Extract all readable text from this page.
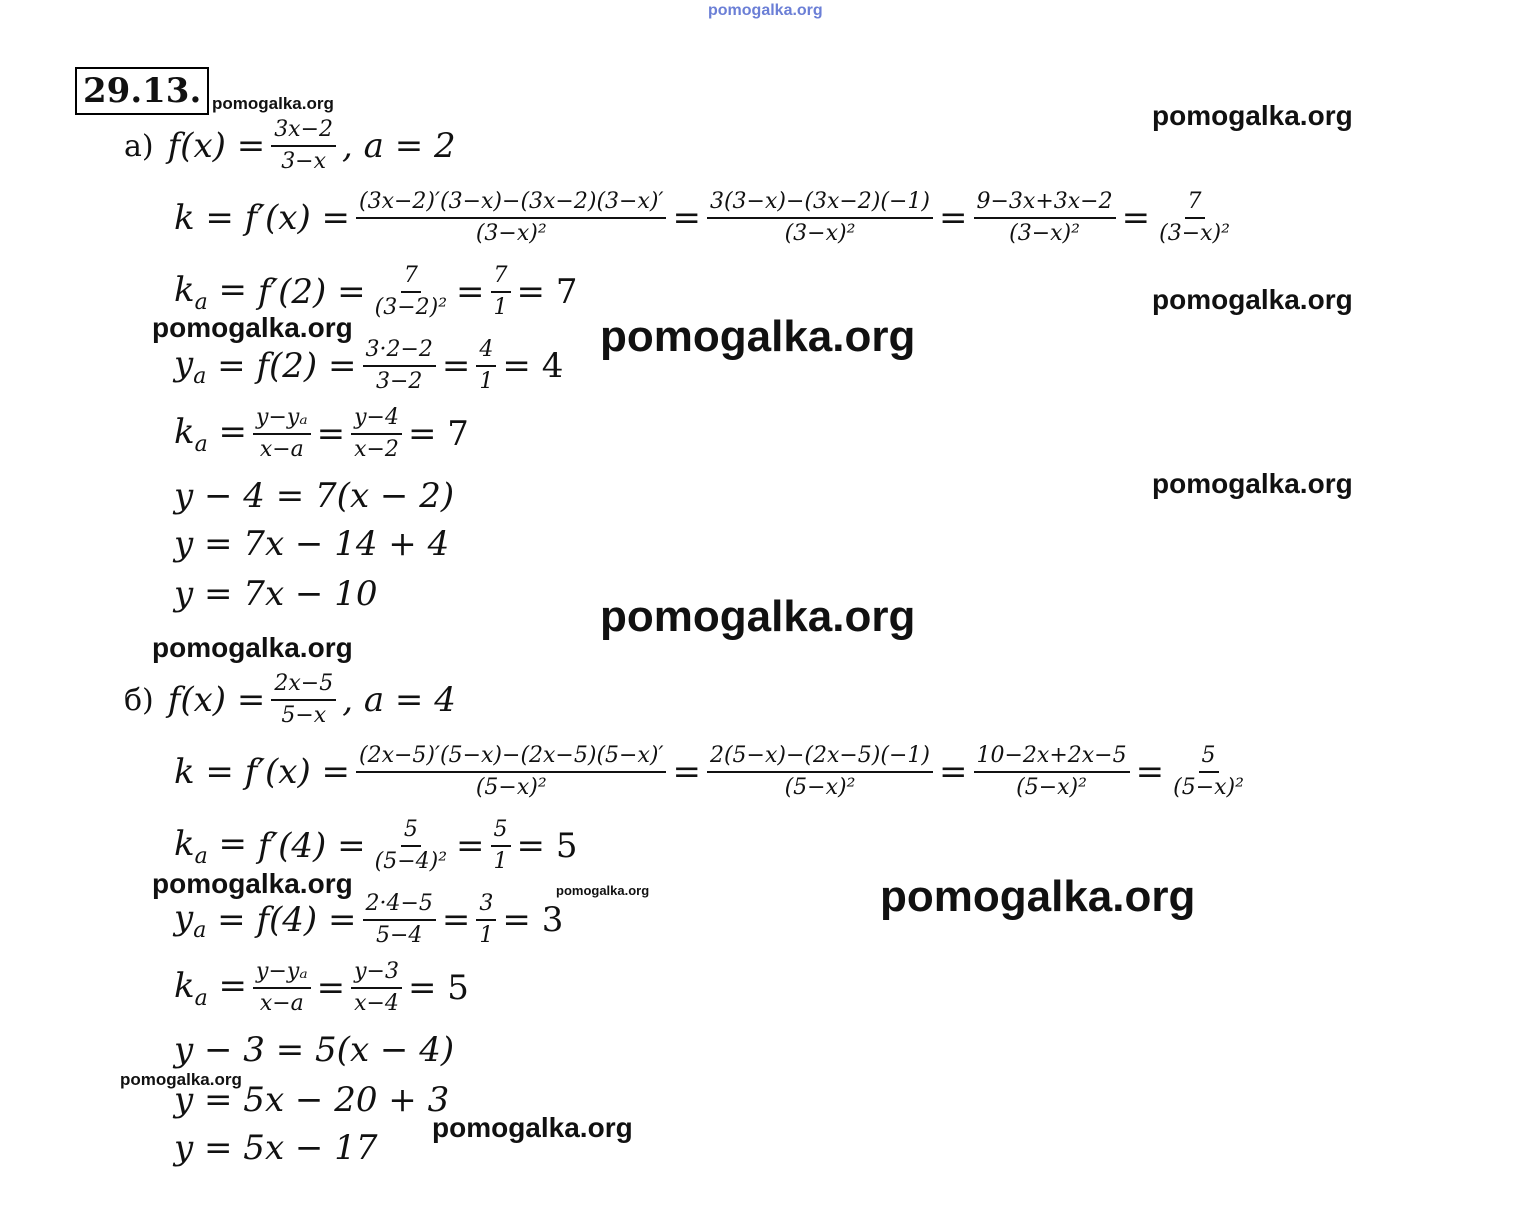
pomogalka.org
29.13. pomogalka.org	pomogalka.org
pomogalka.org
pomogalka.org	pomogalka.org
pomogalka.org
pomogalka.org
pomogalka.org
pomogalka.org	pomogalka.org	pomogalka.org
pomogalka.org
pomogalka.org
а) $f(x) = \frac{3x-2}{3-x}$ , a = 2
$k = f'(x) = \frac{(3x-2)'(3-x)-(3x-2)(3-x)'}{\text{(3−x)²}} = \frac{3(3-x)-(3x-2)(-1)}{\text{(3−x)²}} = \frac{9-3x+3x-2}{\text{(3−x)²}} = \frac{7}{\text{(3−x)²}}$
$k_a = f'(2) = \frac{7}{\text{(3−2)²}} = \frac{7}{1} = 7$
$y_a = f(2) = \frac{3\cdot 2-2}{3-2} = \frac{4}{1} = 4$
$k_a = \frac{\text{y−yₐ}}{x-a} = \frac{y-4}{x-2} = 7$
y − 4 = 7(x − 2)
y = 7x − 14 + 4
y = 7x − 10
б) $f(x) = \frac{2x-5}{5-x}$ , a = 4
$k = f'(x) = \frac{(2x-5)'(5-x)-(2x-5)(5-x)'}{\text{(5−x)²}} = \frac{2(5-x)-(2x-5)(-1)}{\text{(5−x)²}} = \frac{10-2x+2x-5}{\text{(5−x)²}} = \frac{5}{\text{(5−x)²}}$
$k_a = f'(4) = \frac{5}{\text{(5−4)²}} = \frac{5}{1} = 5$
$y_a = f(4) = \frac{2\cdot 4-5}{5-4} = \frac{3}{1} = 3$
$k_a = \frac{\text{y−yₐ}}{x-a} = \frac{y-3}{x-4} = 5$
y − 3 = 5(x − 4)
y = 5x − 20 + 3
y = 5x − 17
